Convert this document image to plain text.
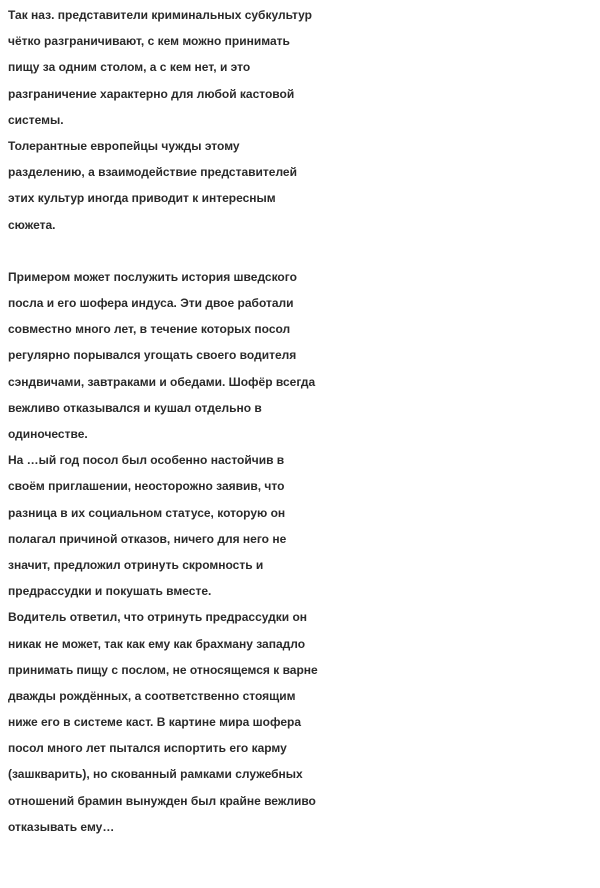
Так наз. представители криминальных субкультур
чётко разграничивают, с кем можно принимать
пищу за одним столом, а с кем нет, и это
разграничение характерно для любой кастовой
системы.
Толерантные европейцы чужды этому
разделению, а взаимодействие представителей
этих культур иногда приводит к интересным
сюжета.
Примером может послужить история шведского
посла и его шофера индуса. Эти двое работали
совместно много лет, в течение которых посол
регулярно порывался угощать своего водителя
сэндвичами, завтраками и обедами. Шофёр всегда
вежливо отказывался и кушал отдельно в
одиночестве.
На …ый год посол был особенно настойчив в
своём приглашении, неосторожно заявив, что
разница в их социальном статусе, которую он
полагал причиной отказов, ничего для него не
значит, предложил отринуть скромность и
предрассудки и покушать вместе.
Водитель ответил, что отринуть предрассудки он
никак не может, так как ему как брахману западло
принимать пищу с послом, не относящемся к варне
дважды рождённых, а соответственно стоящим
ниже его в системе каст. В картине мира шофера
посол много лет пытался испортить его карму
(зашкварить), но скованный рамками служебных
отношений брамин вынужден был крайне вежливо
отказывать ему…
